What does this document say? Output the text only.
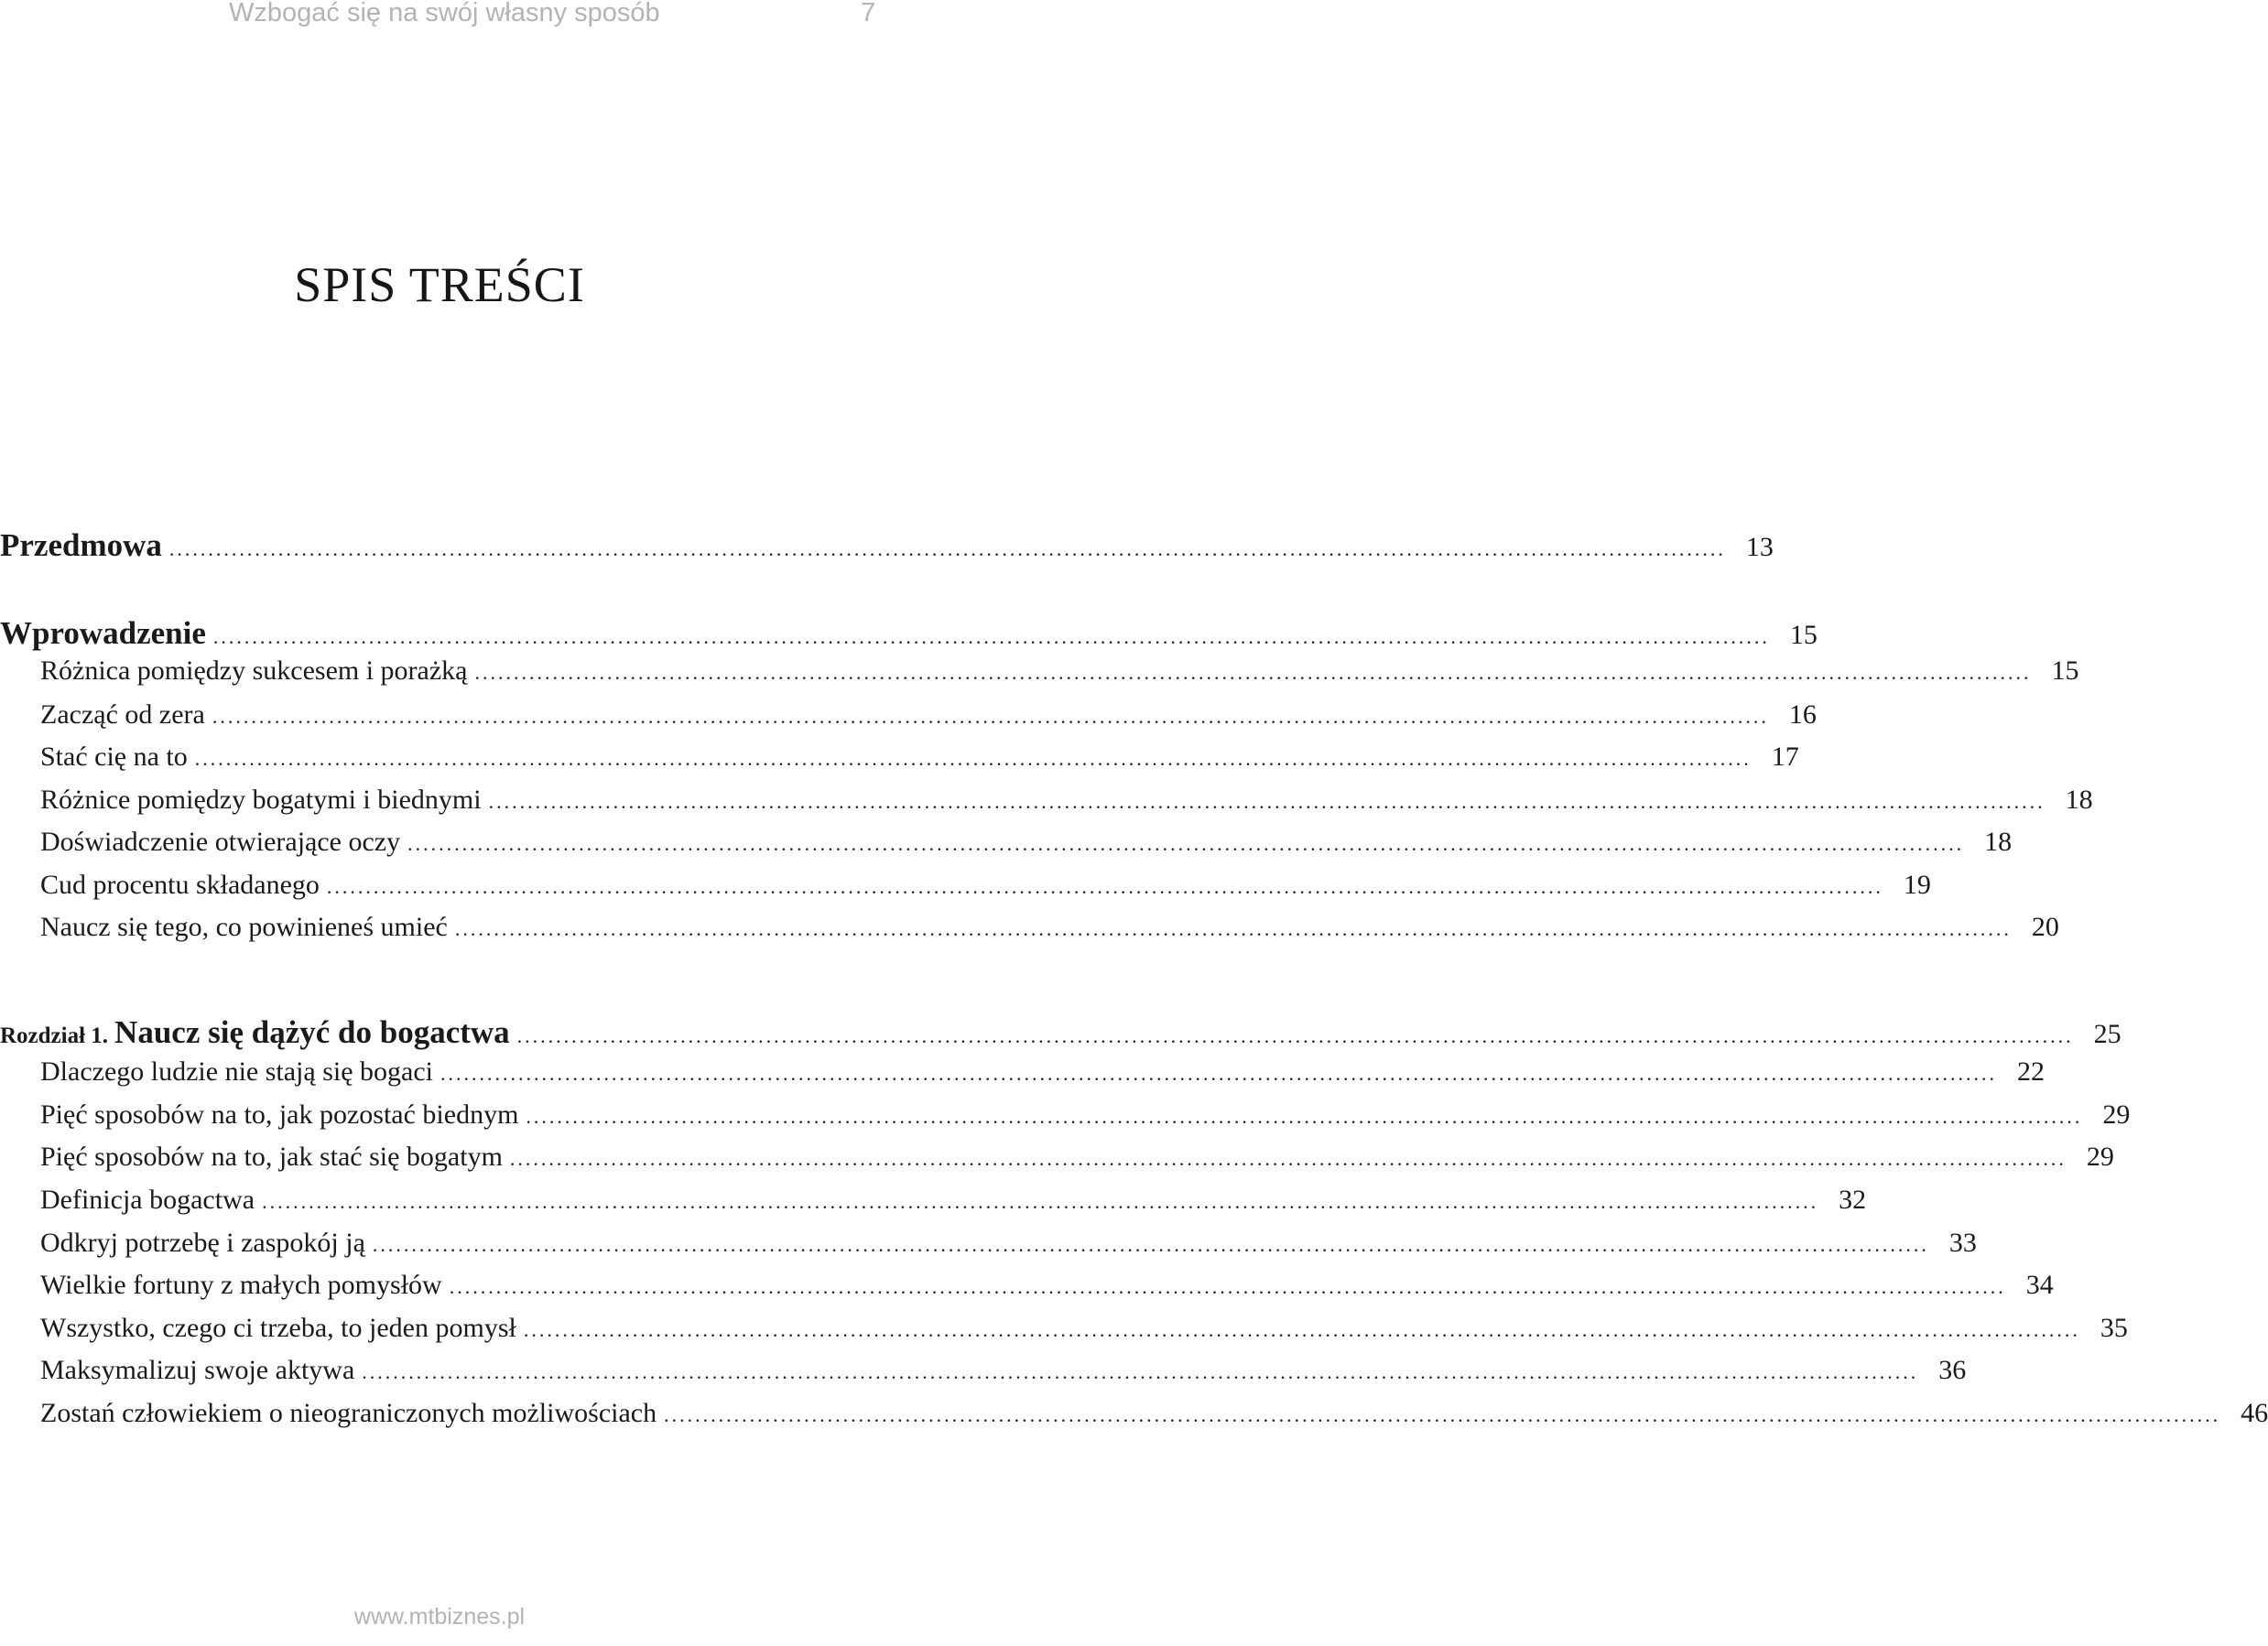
Wzbogać się na swój własny sposób	7
SPIS TREŚCI
Przedmowa ........................................................................................................................................................................................................ 13
Wprowadzenie ........................................................................................................................................................................................................ 15
Różnica pomiędzy sukcesem i porażką ........................................................................................................................................................................................................ 15
Zacząć od zera ........................................................................................................................................................................................................ 16
Stać cię na to ........................................................................................................................................................................................................ 17
Różnice pomiędzy bogatymi i biednymi ........................................................................................................................................................................................................ 18
Doświadczenie otwierające oczy ........................................................................................................................................................................................................ 18
Cud procentu składanego ........................................................................................................................................................................................................ 19
Naucz się tego, co powinieneś umieć ........................................................................................................................................................................................................ 20
Rozdział 1. Naucz się dążyć do bogactwa ........................................................................................................................................................................................................ 25
Dlaczego ludzie nie stają się bogaci ........................................................................................................................................................................................................ 22
Pięć sposobów na to, jak pozostać biednym ........................................................................................................................................................................................................ 29
Pięć sposobów na to, jak stać się bogatym ........................................................................................................................................................................................................ 29
Definicja bogactwa ........................................................................................................................................................................................................ 32
Odkryj potrzebę i zaspokój ją ........................................................................................................................................................................................................ 33
Wielkie fortuny z małych pomysłów ........................................................................................................................................................................................................ 34
Wszystko, czego ci trzeba, to jeden pomysł ........................................................................................................................................................................................................ 35
Maksymalizuj swoje aktywa ........................................................................................................................................................................................................ 36
Zostań człowiekiem o nieograniczonych możliwościach ........................................................................................................................................................................................................ 46
www.mtbiznes.pl
